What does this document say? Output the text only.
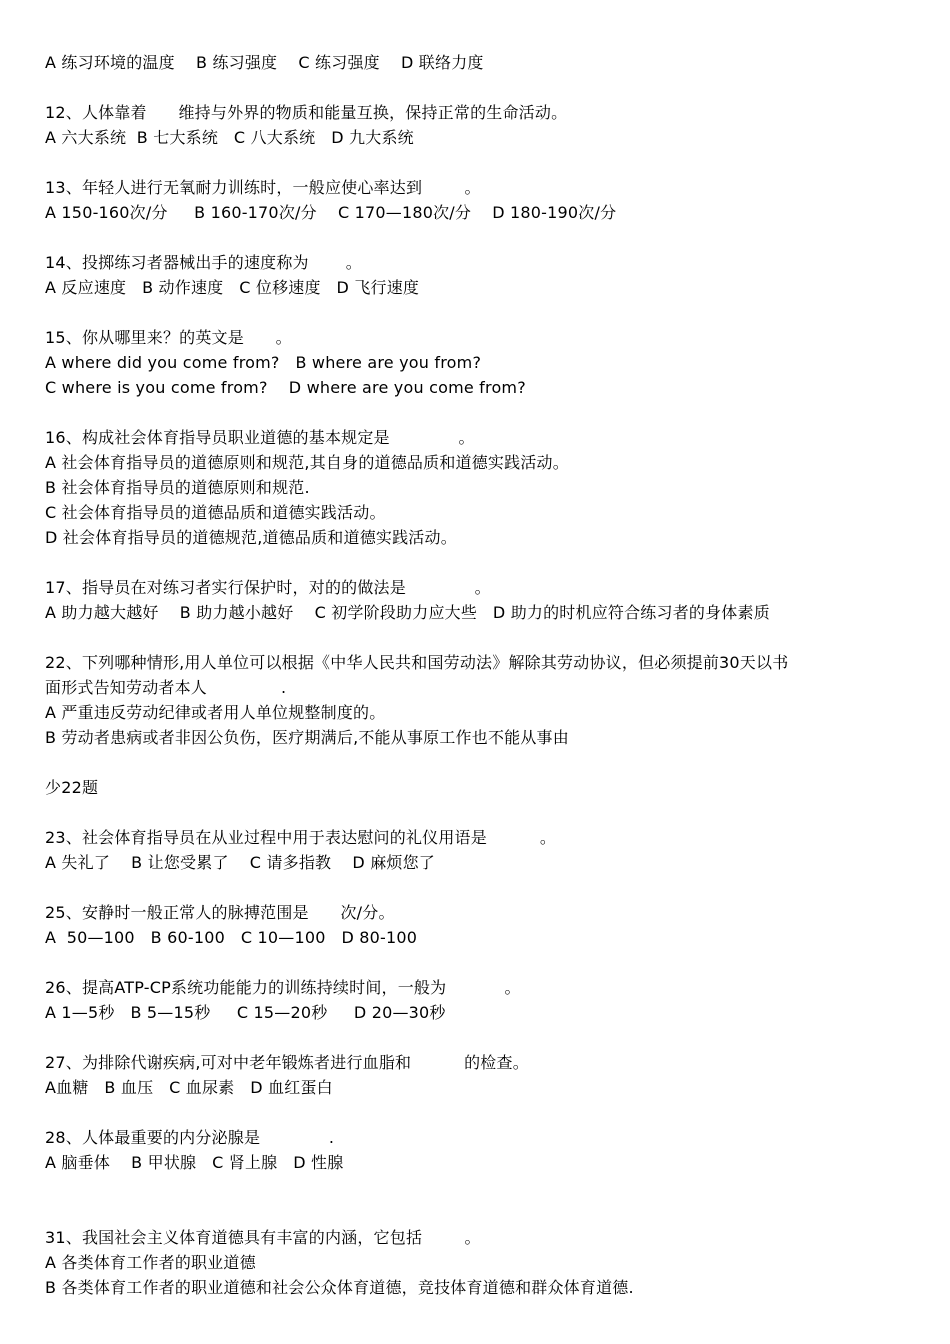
A 练习环境的温度    B 练习强度    C 练习强度    D 联络力度
12、人体靠着      维持与外界的物质和能量互换，保持正常的生命活动。
A 六大系统  B 七大系统   C 八大系统   D 九大系统
13、年轻人进行无氧耐力训练时，一般应使心率达到        。
A 150-160次/分     B 160-170次/分    C 170—180次/分    D 180-190次/分
14、投掷练习者器械出手的速度称为       。
A 反应速度   B 动作速度   C 位移速度   D 飞行速度
15、你从哪里来？的英文是      。
A where did you come from?   B where are you from?
C where is you come from?    D where are you come from?
16、构成社会体育指导员职业道德的基本规定是             。
A 社会体育指导员的道德原则和规范,其自身的道德品质和道德实践活动。
B 社会体育指导员的道德原则和规范.
C 社会体育指导员的道德品质和道德实践活动。
D 社会体育指导员的道德规范,道德品质和道德实践活动。
17、指导员在对练习者实行保护时，对的的做法是             。
A 助力越大越好    B 助力越小越好    C 初学阶段助力应大些   D 助力的时机应符合练习者的身体素质
22、下列哪种情形,用人单位可以根据《中华人民共和国劳动法》解除其劳动协议，但必须提前30天以书
面形式告知劳动者本人              .
A 严重违反劳动纪律或者用人单位规整制度的。
B 劳动者患病或者非因公负伤，医疗期满后,不能从事原工作也不能从事由
少22题
23、社会体育指导员在从业过程中用于表达慰问的礼仪用语是          。
A 失礼了    B 让您受累了    C 请多指教    D 麻烦您了
25、安静时一般正常人的脉搏范围是      次/分。
A  50—100   B 60-100   C 10—100   D 80-100
26、提高ATP-CP系统功能能力的训练持续时间，一般为           。
A 1—5秒   B 5—15秒     C 15—20秒     D 20—30秒
27、为排除代谢疾病,可对中老年锻炼者进行血脂和          的检查。
A血糖   B 血压   C 血尿素   D 血红蛋白
28、人体最重要的内分泌腺是             .
A 脑垂体    B 甲状腺   C 肾上腺   D 性腺
31、我国社会主义体育道德具有丰富的内涵，它包括        。
A 各类体育工作者的职业道德
B 各类体育工作者的职业道德和社会公众体育道德，竞技体育道德和群众体育道德.
